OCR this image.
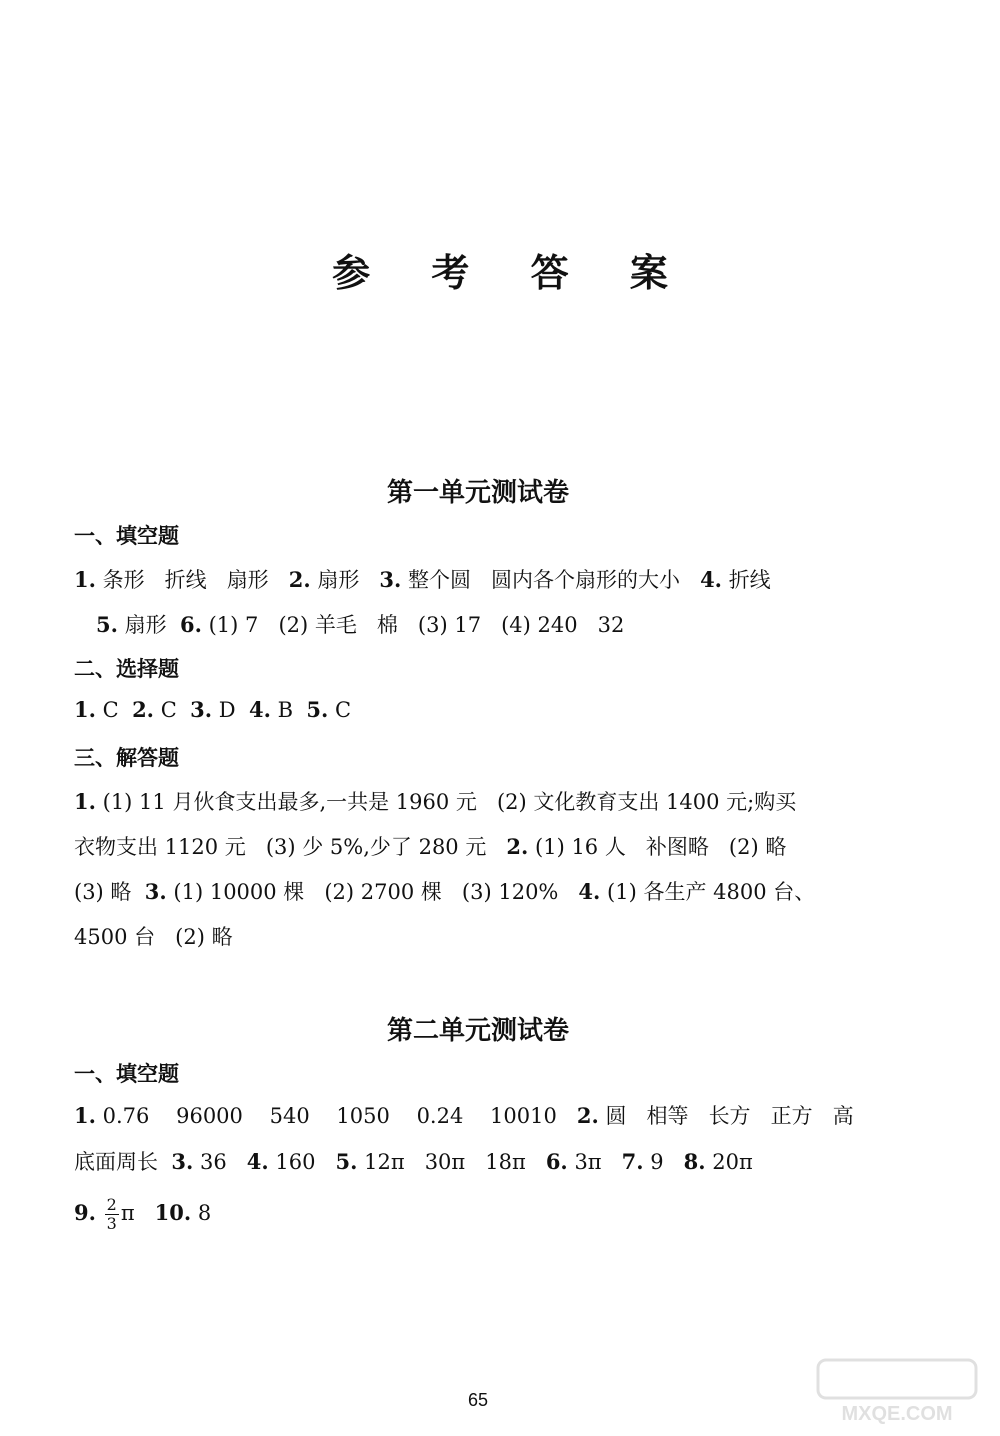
参 考 答 案
第一单元测试卷
一、填空题
1. 条形 折线 扇形 2. 扇形 3. 整个圆 圆内各个扇形的大小 4. 折线
5. 扇形 6. (1) 7 (2) 羊毛 棉 (3) 17 (4) 240 32
二、选择题
1. C 2. C 3. D 4. B 5. C
三、解答题
1. (1) 11 月伙食支出最多,一共是 1960 元 (2) 文化教育支出 1400 元;购买
衣物支出 1120 元 (3) 少 5%,少了 280 元 2. (1) 16 人 补图略 (2) 略
(3) 略 3. (1) 10000 棵 (2) 2700 棵 (3) 120% 4. (1) 各生产 4800 台、
4500 台 (2) 略
第二单元测试卷
一、填空题
1. 0.76 96000 540 1050 0.24 10010 2. 圆 相等 长方 正方 高
底面周长 3. 36 4. 160 5. 12π 30π 18π 6. 3π 7. 9 8. 20π
9. $\frac{2}{3}$ π 10. 8
65
MXQE.COM
